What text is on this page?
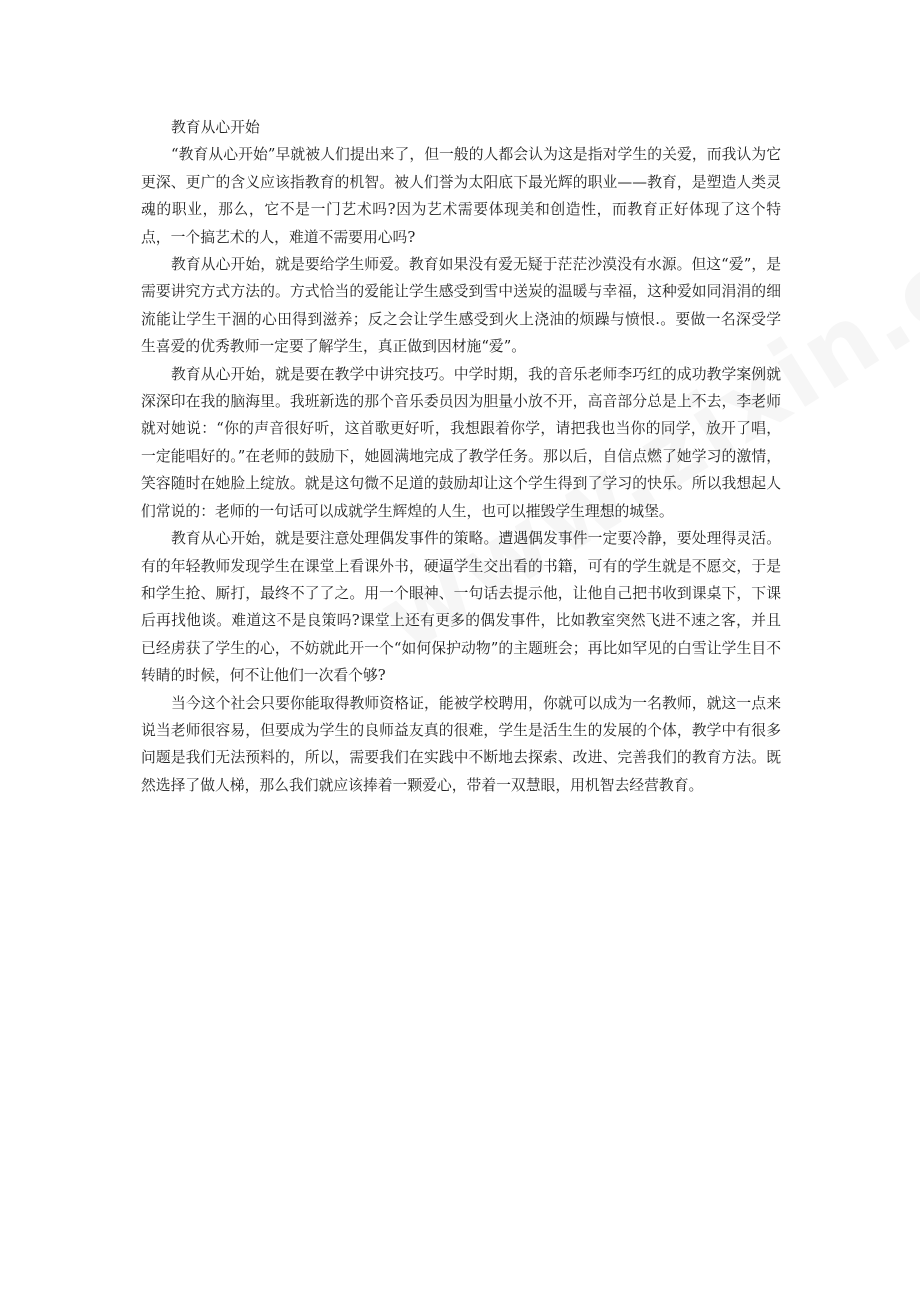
教育从心开始

“教育从心开始”早就被人们提出来了，但一般的人都会认为这是指对学生的关爱，而我认为它更深、更广的含义应该指教育的机智。被人们誉为太阳底下最光辉的职业——教育，是塑造人类灵魂的职业，那么，它不是一门艺术吗?因为艺术需要体现美和创造性，而教育正好体现了这个特点，一个搞艺术的人，难道不需要用心吗?

教育从心开始，就是要给学生师爱。教育如果没有爱无疑于茫茫沙漠没有水源。但这“爱”，是需要讲究方式方法的。方式恰当的爱能让学生感受到雪中送炭的温暖与幸福，这种爱如同涓涓的细流能让学生干涸的心田得到滋养；反之会让学生感受到火上浇油的烦躁与愤恨.。要做一名深受学生喜爱的优秀教师一定要了解学生，真正做到因材施“爱”。

教育从心开始，就是要在教学中讲究技巧。中学时期，我的音乐老师李巧红的成功教学案例就深深印在我的脑海里。我班新选的那个音乐委员因为胆量小放不开，高音部分总是上不去，李老师就对她说：“你的声音很好听，这首歌更好听，我想跟着你学，请把我也当你的同学，放开了唱，一定能唱好的。”在老师的鼓励下，她圆满地完成了教学任务。那以后，自信点燃了她学习的激情，笑容随时在她脸上绽放。就是这句微不足道的鼓励却让这个学生得到了学习的快乐。所以我想起人们常说的：老师的一句话可以成就学生辉煌的人生，也可以摧毁学生理想的城堡。

教育从心开始，就是要注意处理偶发事件的策略。遭遇偶发事件一定要冷静，要处理得灵活。有的年轻教师发现学生在课堂上看课外书，硬逼学生交出看的书籍，可有的学生就是不愿交，于是和学生抢、厮打，最终不了了之。用一个眼神、一句话去提示他，让他自己把书收到课桌下，下课后再找他谈。难道这不是良策吗?课堂上还有更多的偶发事件，比如教室突然飞进不速之客，并且已经虏获了学生的心，不妨就此开一个“如何保护动物”的主题班会；再比如罕见的白雪让学生目不转睛的时候，何不让他们一次看个够?

当今这个社会只要你能取得教师资格证，能被学校聘用，你就可以成为一名教师，就这一点来说当老师很容易，但要成为学生的良师益友真的很难，学生是活生生的发展的个体，教学中有很多问题是我们无法预料的，所以，需要我们在实践中不断地去探索、改进、完善我们的教育方法。既然选择了做人梯，那么我们就应该捧着一颗爱心，带着一双慧眼，用机智去经营教育。
